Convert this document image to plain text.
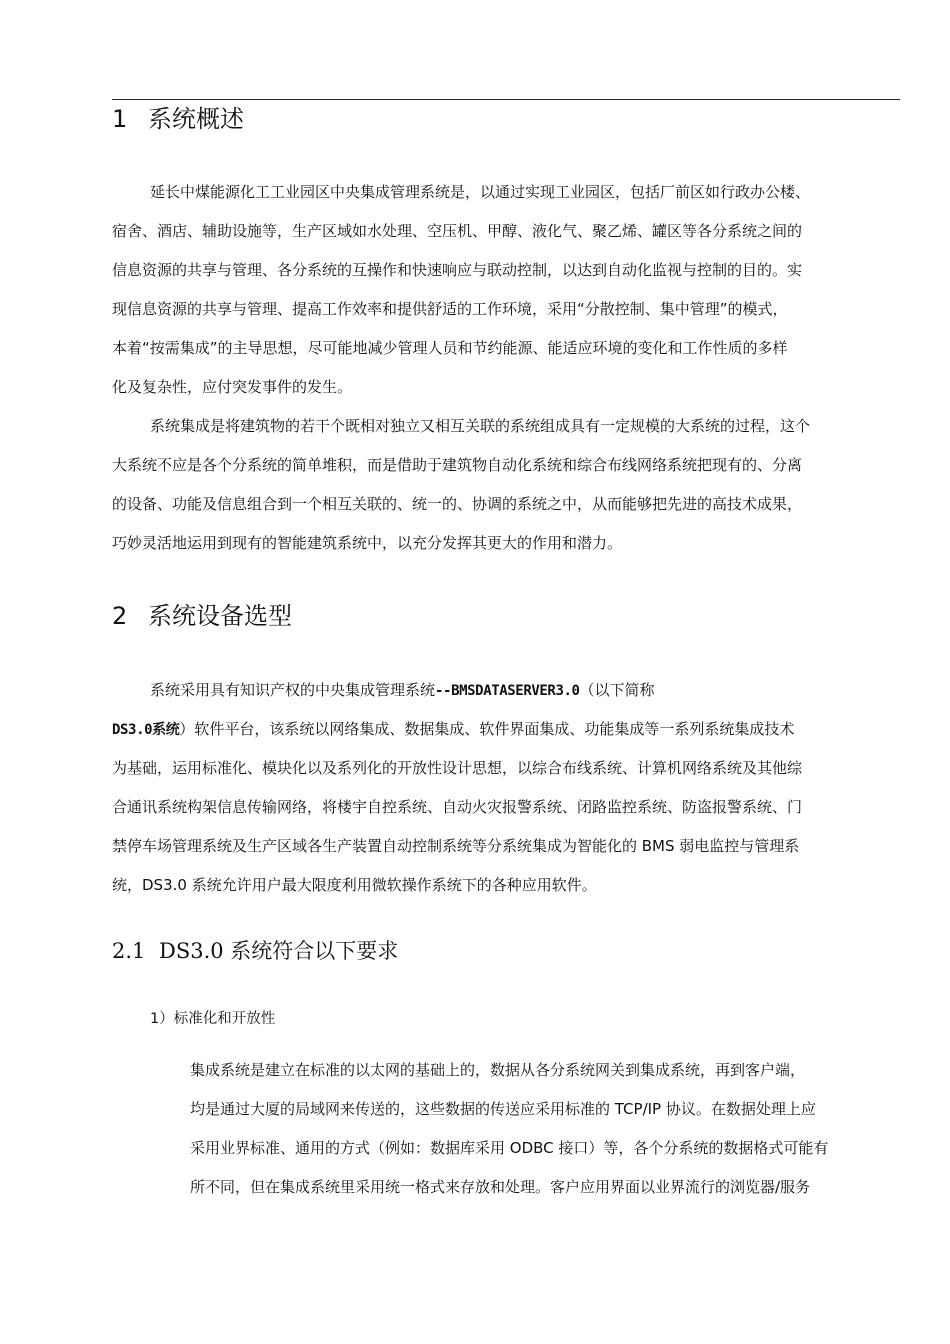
1 系统概述
延长中煤能源化工工业园区中央集成管理系统是，以通过实现工业园区，包括厂前区如行政办公楼、
宿舍、酒店、辅助设施等，生产区域如水处理、空压机、甲醇、液化气、聚乙烯、罐区等各分系统之间的
信息资源的共享与管理、各分系统的互操作和快速响应与联动控制，以达到自动化监视与控制的目的。实
现信息资源的共享与管理、提高工作效率和提供舒适的工作环境，采用“分散控制、集中管理”的模式，
本着“按需集成”的主导思想，尽可能地减少管理人员和节约能源、能适应环境的变化和工作性质的多样
化及复杂性，应付突发事件的发生。
系统集成是将建筑物的若干个既相对独立又相互关联的系统组成具有一定规模的大系统的过程，这个
大系统不应是各个分系统的简单堆积，而是借助于建筑物自动化系统和综合布线网络系统把现有的、分离
的设备、功能及信息组合到一个相互关联的、统一的、协调的系统之中，从而能够把先进的高技术成果，
巧妙灵活地运用到现有的智能建筑系统中，以充分发挥其更大的作用和潜力。
2 系统设备选型
系统采用具有知识产权的中央集成管理系统--BMSDATASERVER3.0（以下简称
DS3.0系统）软件平台，该系统以网络集成、数据集成、软件界面集成、功能集成等一系列系统集成技术
为基础，运用标准化、模块化以及系列化的开放性设计思想，以综合布线系统、计算机网络系统及其他综
合通讯系统构架信息传输网络，将楼宇自控系统、自动火灾报警系统、闭路监控系统、防盗报警系统、门
禁停车场管理系统及生产区域各生产装置自动控制系统等分系统集成为智能化的 BMS 弱电监控与管理系
统，DS3.0 系统允许用户最大限度利用微软操作系统下的各种应用软件。
2.1 DS3.0 系统符合以下要求

1）标准化和开放性

集成系统是建立在标准的以太网的基础上的，数据从各分系统网关到集成系统，再到客户端，
均是通过大厦的局域网来传送的，这些数据的传送应采用标准的 TCP/IP 协议。在数据处理上应
采用业界标准、通用的方式（例如：数据库采用 ODBC 接口）等，各个分系统的数据格式可能有
所不同，但在集成系统里采用统一格式来存放和处理。客户应用界面以业界流行的浏览器/服务
